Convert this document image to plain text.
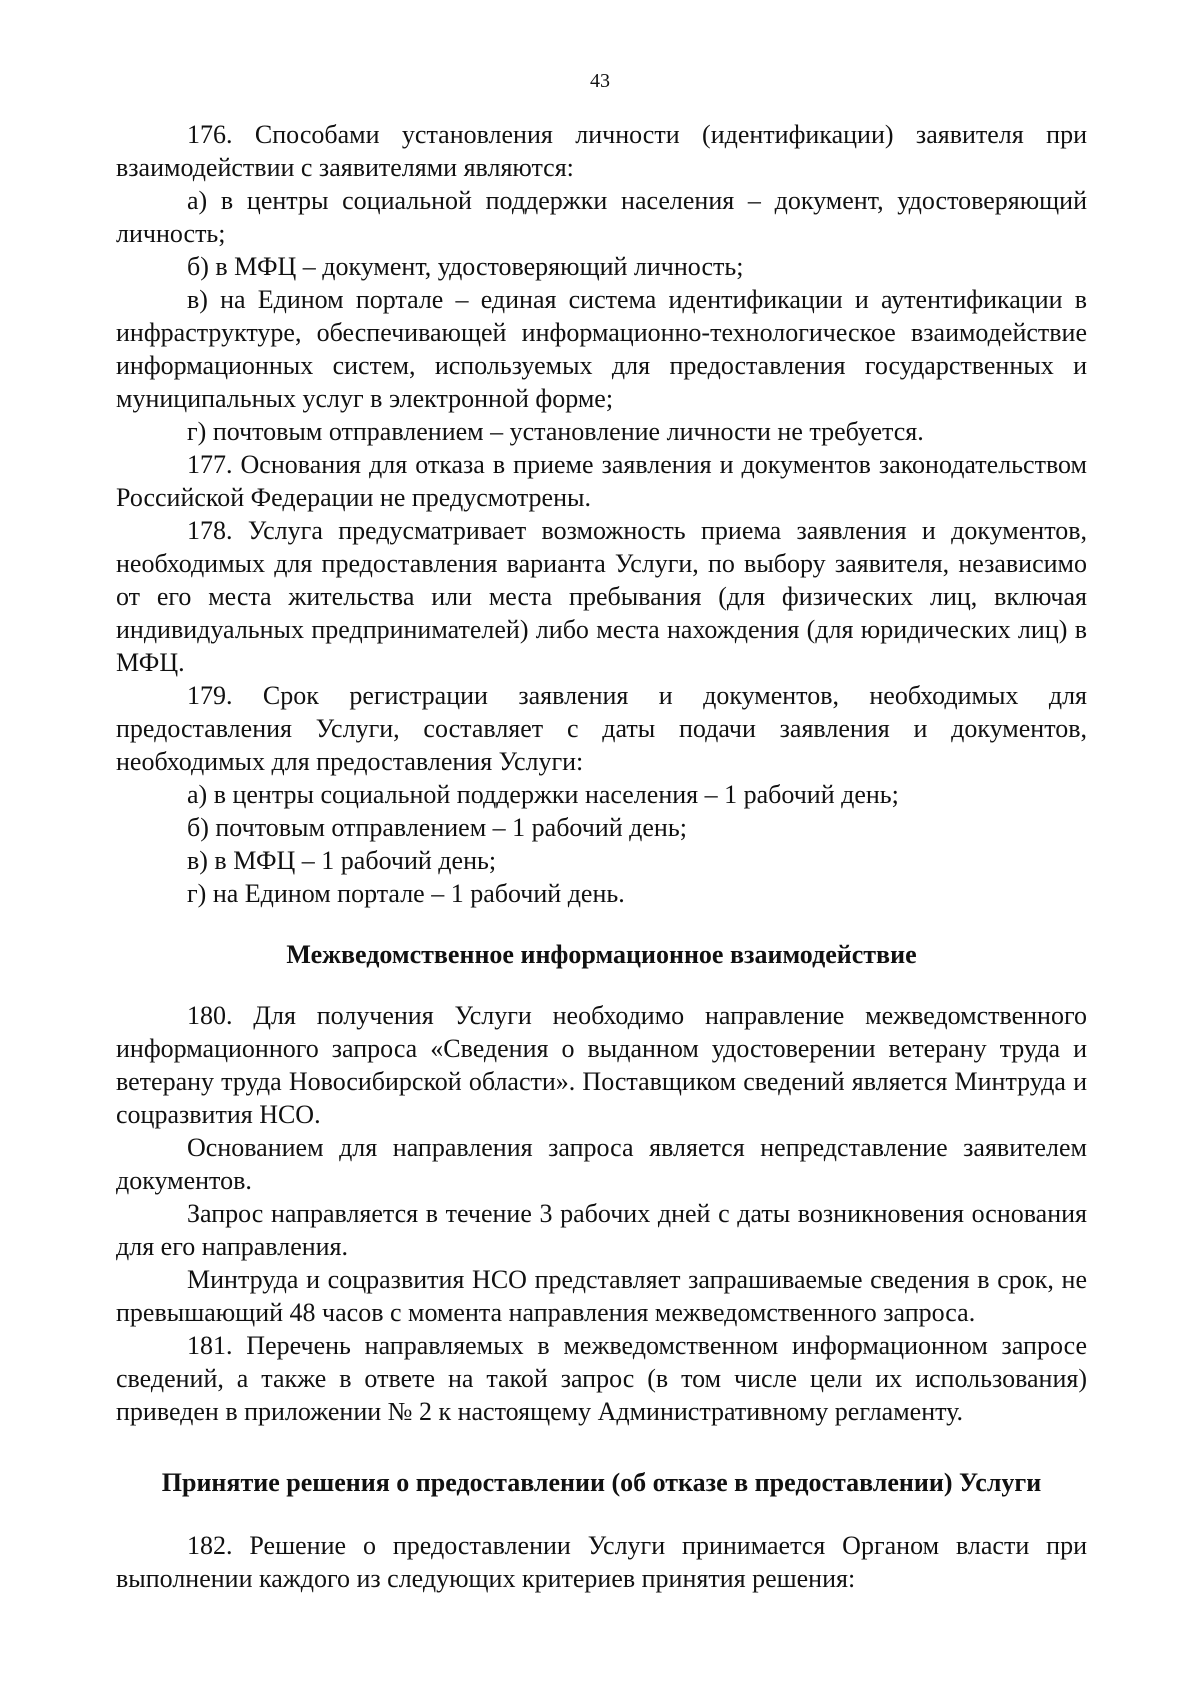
43

176. Способами установления личности (идентификации) заявителя при взаимодействии с заявителями являются:

а) в центры социальной поддержки населения – документ, удостоверяющий личность;

б) в МФЦ – документ, удостоверяющий личность;

в) на Едином портале – единая система идентификации и аутентификации в инфраструктуре, обеспечивающей информационно-технологическое взаимодействие информационных систем, используемых для предоставления государственных и муниципальных услуг в электронной форме;

г) почтовым отправлением – установление личности не требуется.

177. Основания для отказа в приеме заявления и документов законодательством Российской Федерации не предусмотрены.

178. Услуга предусматривает возможность приема заявления и документов, необходимых для предоставления варианта Услуги, по выбору заявителя, независимо от его места жительства или места пребывания (для физических лиц, включая индивидуальных предпринимателей) либо места нахождения (для юридических лиц) в МФЦ.

179. Срок регистрации заявления и документов, необходимых для предоставления Услуги, составляет с даты подачи заявления и документов, необходимых для предоставления Услуги:

а) в центры социальной поддержки населения – 1 рабочий день;

б) почтовым отправлением – 1 рабочий день;

в) в МФЦ – 1 рабочий день;

г) на Едином портале – 1 рабочий день.

Межведомственное информационное взаимодействие

180. Для получения Услуги необходимо направление межведомственного информационного запроса «Сведения о выданном удостоверении ветерану труда и ветерану труда Новосибирской области». Поставщиком сведений является Минтруда и соцразвития НСО.

Основанием для направления запроса является непредставление заявителем документов.

Запрос направляется в течение 3 рабочих дней с даты возникновения основания для его направления.

Минтруда и соцразвития НСО представляет запрашиваемые сведения в срок, не превышающий 48 часов с момента направления межведомственного запроса.

181. Перечень направляемых в межведомственном информационном запросе сведений, а также в ответе на такой запрос (в том числе цели их использования) приведен в приложении № 2 к настоящему Административному регламенту.

Принятие решения о предоставлении (об отказе в предоставлении) Услуги

182. Решение о предоставлении Услуги принимается Органом власти при выполнении каждого из следующих критериев принятия решения:
